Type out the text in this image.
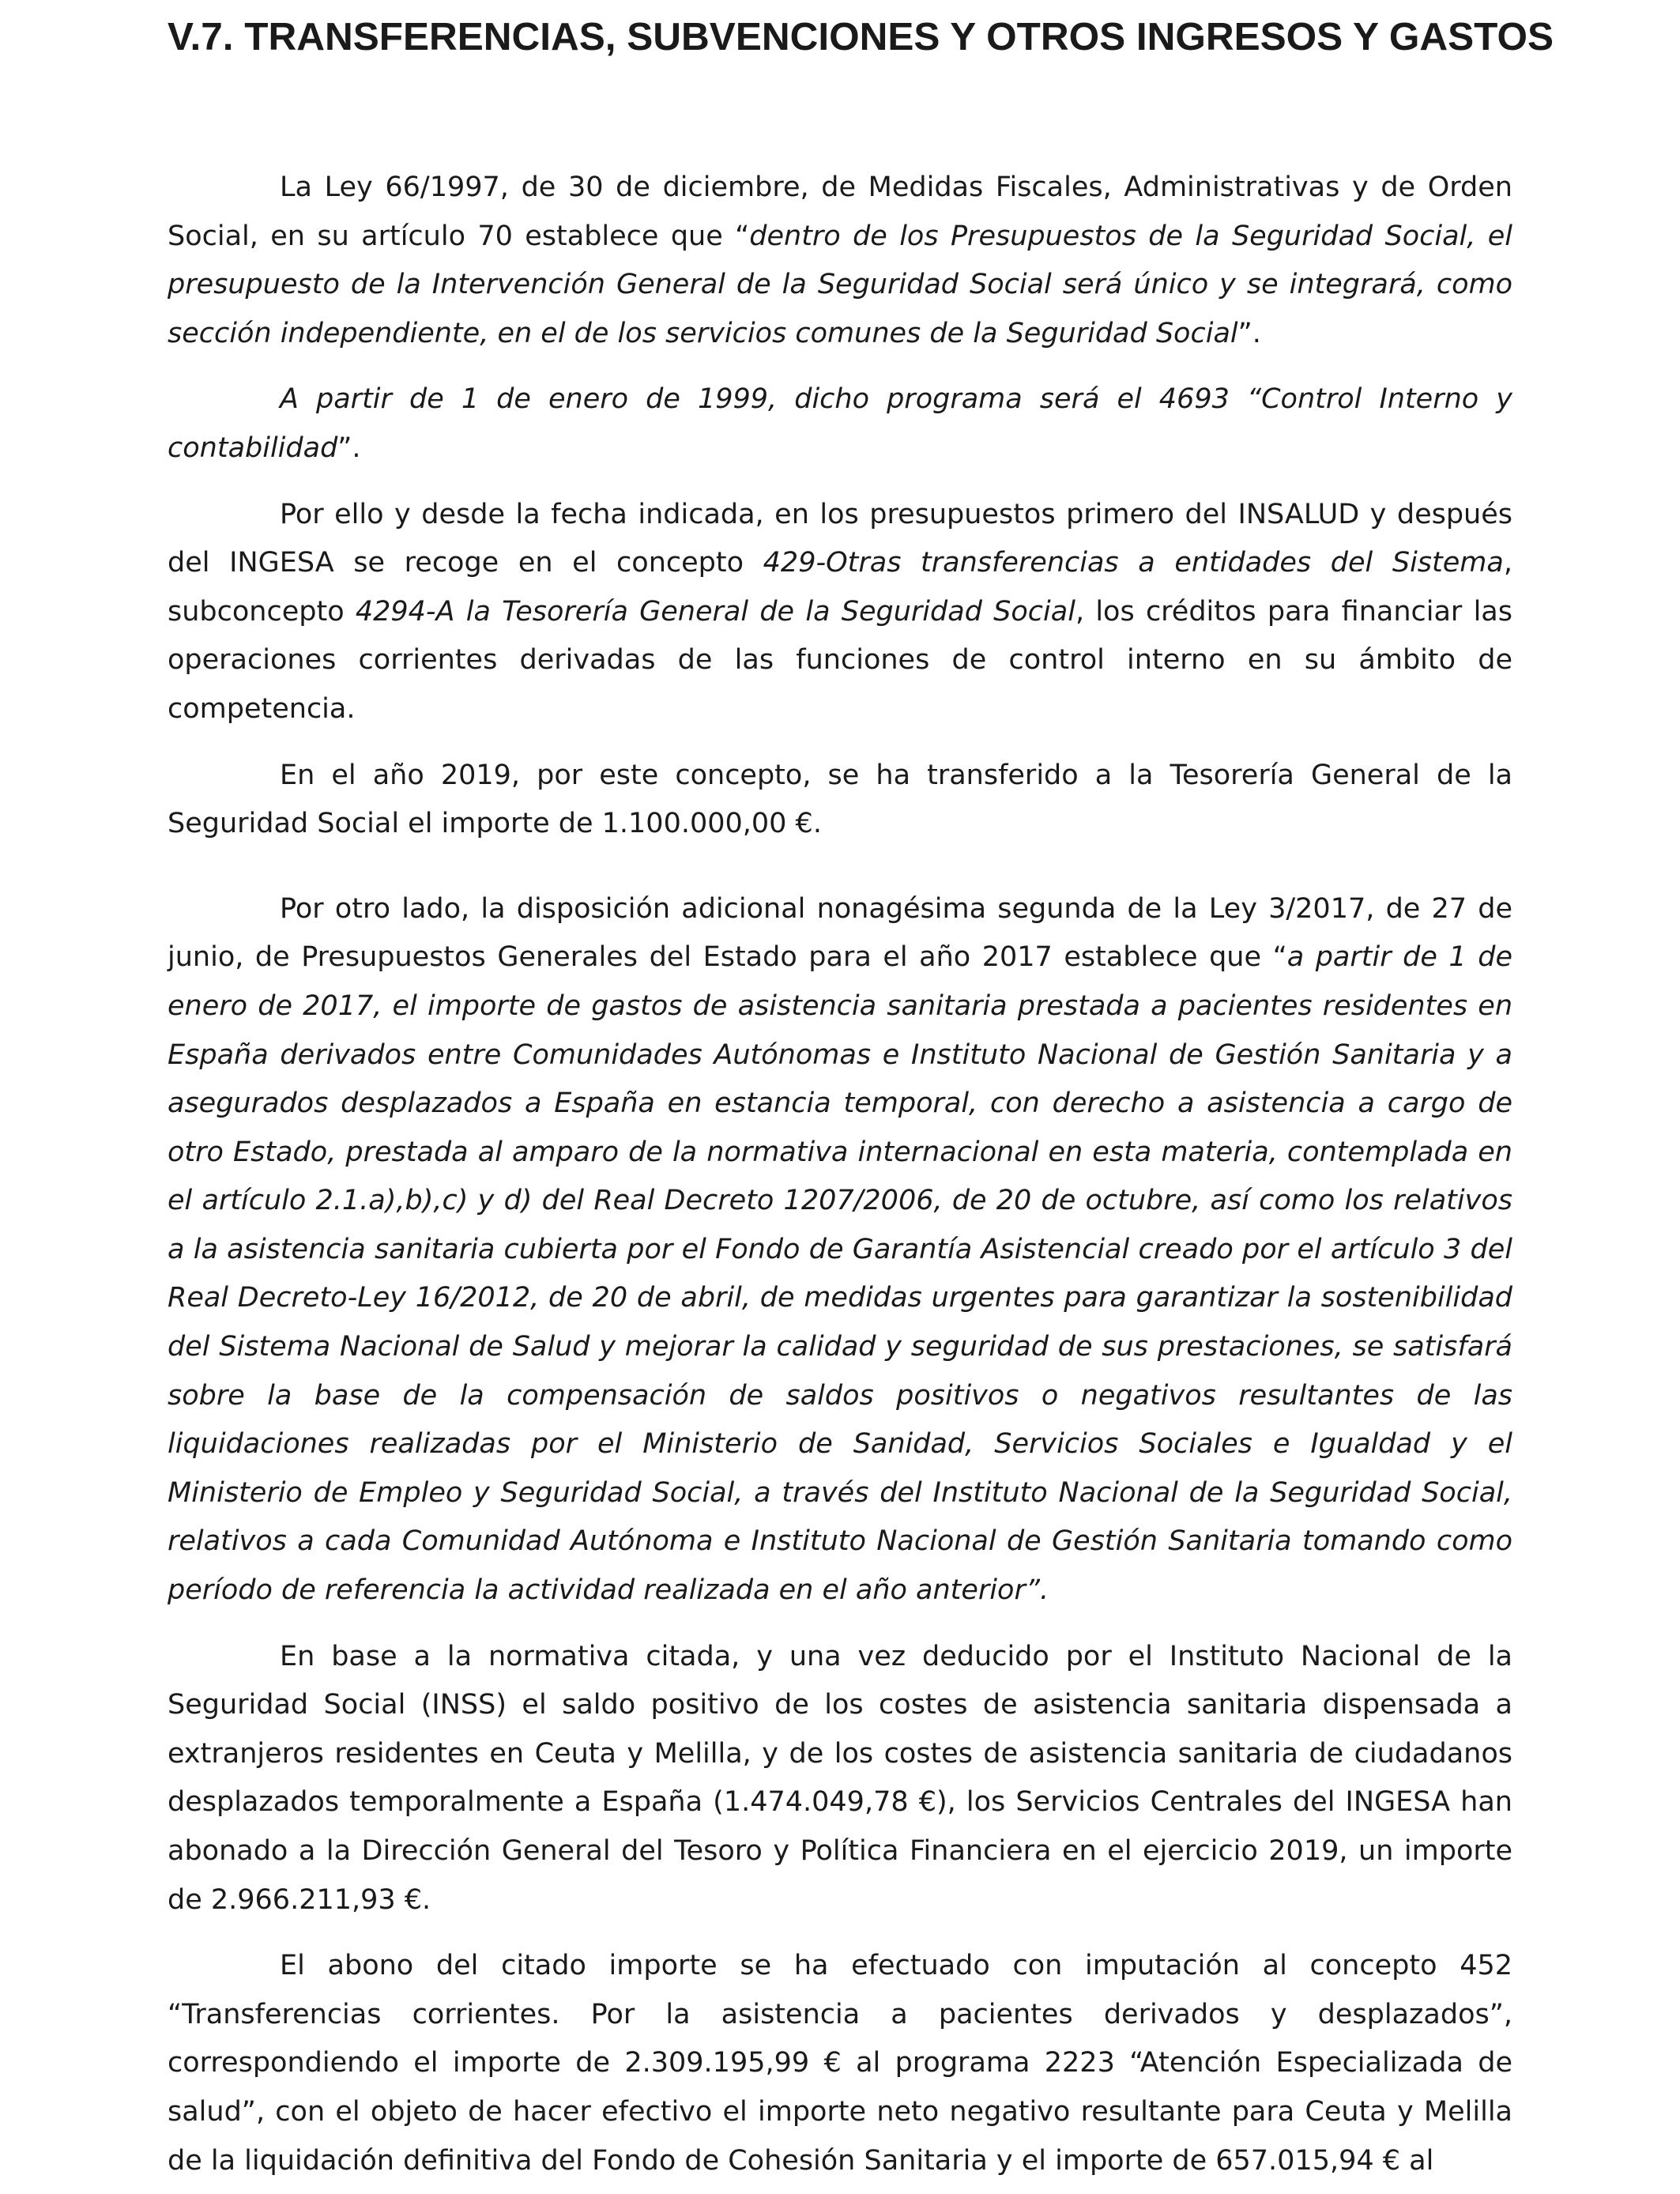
V.7. TRANSFERENCIAS, SUBVENCIONES Y OTROS INGRESOS Y GASTOS

La Ley 66/1997, de 30 de diciembre, de Medidas Fiscales, Administrativas y de Orden Social, en su artículo 70 establece que “dentro de los Presupuestos de la Seguridad Social, el presupuesto de la Intervención General de la Seguridad Social será único y se integrará, como sección independiente, en el de los servicios comunes de la Seguridad Social”.

A partir de 1 de enero de 1999, dicho programa será el 4693 “Control Interno y contabilidad”.

Por ello y desde la fecha indicada, en los presupuestos primero del INSALUD y después del INGESA se recoge en el concepto 429-Otras transferencias a entidades del Sistema, subconcepto 4294-A la Tesorería General de la Seguridad Social, los créditos para financiar las operaciones corrientes derivadas de las funciones de control interno en su ámbito de competencia.

En el año 2019, por este concepto, se ha transferido a la Tesorería General de la Seguridad Social el importe de 1.100.000,00 €.

Por otro lado, la disposición adicional nonagésima segunda de la Ley 3/2017, de 27 de junio, de Presupuestos Generales del Estado para el año 2017 establece que “a partir de 1 de enero de 2017, el importe de gastos de asistencia sanitaria prestada a pacientes residentes en España derivados entre Comunidades Autónomas e Instituto Nacional de Gestión Sanitaria y a asegurados desplazados a España en estancia temporal, con derecho a asistencia a cargo de otro Estado, prestada al amparo de la normativa internacional en esta materia, contemplada en el artículo 2.1.a),b),c) y d) del Real Decreto 1207/2006, de 20 de octubre, así como los relativos a la asistencia sanitaria cubierta por el Fondo de Garantía Asistencial creado por el artículo 3 del Real Decreto-Ley 16/2012, de 20 de abril, de medidas urgentes para garantizar la sostenibilidad del Sistema Nacional de Salud y mejorar la calidad y seguridad de sus prestaciones, se satisfará sobre la base de la compensación de saldos positivos o negativos resultantes de las liquidaciones realizadas por el Ministerio de Sanidad, Servicios Sociales e Igualdad y el Ministerio de Empleo y Seguridad Social, a través del Instituto Nacional de la Seguridad Social, relativos a cada Comunidad Autónoma e Instituto Nacional de Gestión Sanitaria tomando como período de referencia la actividad realizada en el año anterior”.

En base a la normativa citada, y una vez deducido por el Instituto Nacional de la Seguridad Social (INSS) el saldo positivo de los costes de asistencia sanitaria dispensada a extranjeros residentes en Ceuta y Melilla, y de los costes de asistencia sanitaria de ciudadanos desplazados temporalmente a España (1.474.049,78 €), los Servicios Centrales del INGESA han abonado a la Dirección General del Tesoro y Política Financiera en el ejercicio 2019, un importe de 2.966.211,93 €.

El abono del citado importe se ha efectuado con imputación al concepto 452 “Transferencias corrientes. Por la asistencia a pacientes derivados y desplazados”, correspondiendo el importe de 2.309.195,99 € al programa 2223 “Atención Especializada de salud”, con el objeto de hacer efectivo el importe neto negativo resultante para Ceuta y Melilla de la liquidación definitiva del Fondo de Cohesión Sanitaria y el importe de 657.015,94 € al
